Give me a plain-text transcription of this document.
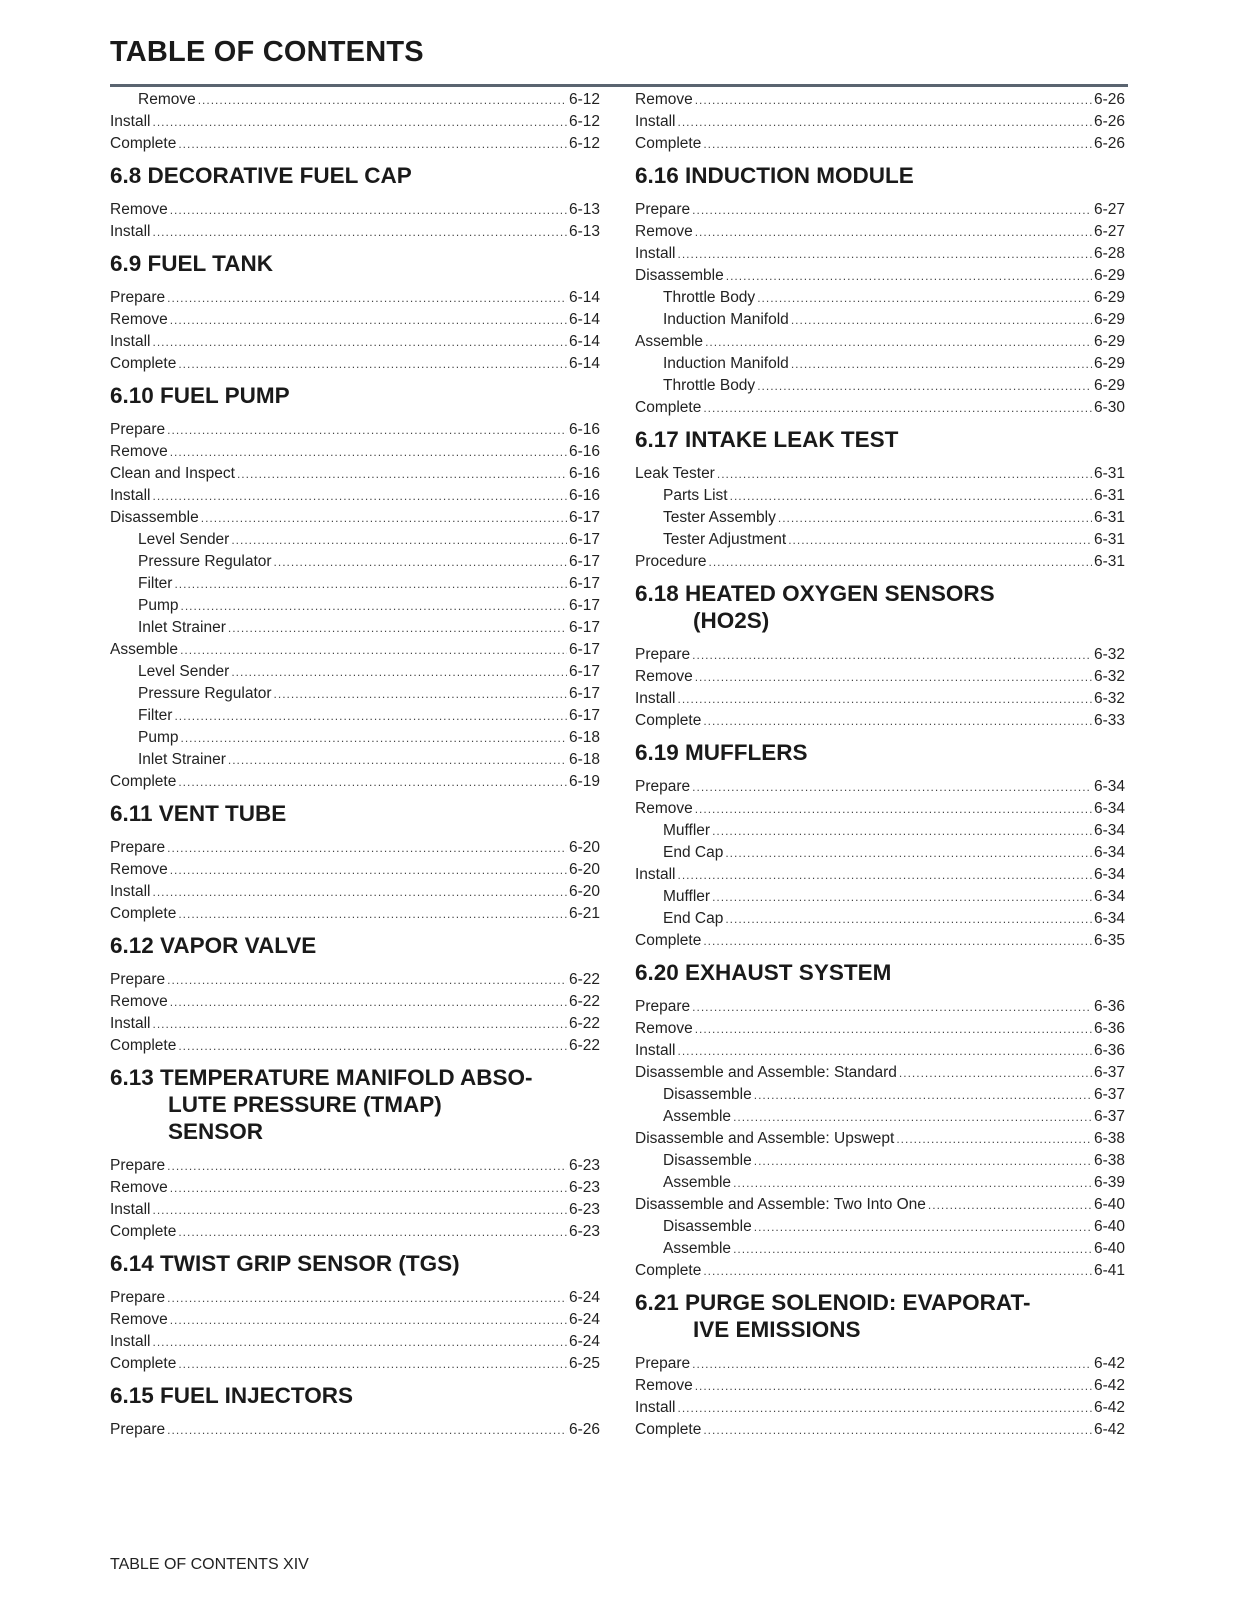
TABLE OF CONTENTS
Remove .....	6-12
Install .....	6-12
Complete .....	6-12
6.8 DECORATIVE FUEL CAP
Remove .....	6-13
Install .....	6-13
6.9 FUEL TANK
Prepare .....	6-14
Remove .....	6-14
Install .....	6-14
Complete .....	6-14
6.10 FUEL PUMP
Prepare .....	6-16
Remove .....	6-16
Clean and Inspect .....	6-16
Install .....	6-16
Disassemble .....	6-17
Level Sender .....	6-17
Pressure Regulator .....	6-17
Filter .....	6-17
Pump .....	6-17
Inlet Strainer .....	6-17
Assemble .....	6-17
Level Sender .....	6-17
Pressure Regulator .....	6-17
Filter .....	6-17
Pump .....	6-18
Inlet Strainer .....	6-18
Complete .....	6-19
6.11 VENT TUBE
Prepare .....	6-20
Remove .....	6-20
Install .....	6-20
Complete .....	6-21
6.12 VAPOR VALVE
Prepare .....	6-22
Remove .....	6-22
Install .....	6-22
Complete .....	6-22
6.13 TEMPERATURE MANIFOLD ABSO-
LUTE PRESSURE (TMAP)
SENSOR
Prepare .....	6-23
Remove .....	6-23
Install .....	6-23
Complete .....	6-23
6.14 TWIST GRIP SENSOR (TGS)
Prepare .....	6-24
Remove .....	6-24
Install .....	6-24
Complete .....	6-25
6.15 FUEL INJECTORS
Prepare .....	6-26
Remove .....	6-26
Install .....	6-26
Complete .....	6-26
6.16 INDUCTION MODULE
Prepare .....	6-27
Remove .....	6-27
Install .....	6-28
Disassemble .....	6-29
Throttle Body .....	6-29
Induction Manifold .....	6-29
Assemble .....	6-29
Induction Manifold .....	6-29
Throttle Body .....	6-29
Complete .....	6-30
6.17 INTAKE LEAK TEST
Leak Tester .....	6-31
Parts List .....	6-31
Tester Assembly .....	6-31
Tester Adjustment .....	6-31
Procedure .....	6-31
6.18 HEATED OXYGEN SENSORS
(HO2S)
Prepare .....	6-32
Remove .....	6-32
Install .....	6-32
Complete .....	6-33
6.19 MUFFLERS
Prepare .....	6-34
Remove .....	6-34
Muffler .....	6-34
End Cap .....	6-34
Install .....	6-34
Muffler .....	6-34
End Cap .....	6-34
Complete .....	6-35
6.20 EXHAUST SYSTEM
Prepare .....	6-36
Remove .....	6-36
Install .....	6-36
Disassemble and Assemble: Standard .....	6-37
Disassemble .....	6-37
Assemble .....	6-37
Disassemble and Assemble: Upswept .....	6-38
Disassemble .....	6-38
Assemble .....	6-39
Disassemble and Assemble: Two Into One .....	6-40
Disassemble .....	6-40
Assemble .....	6-40
Complete .....	6-41
6.21 PURGE SOLENOID: EVAPORAT-
IVE EMISSIONS
Prepare .....	6-42
Remove .....	6-42
Install .....	6-42
Complete .....	6-42
TABLE OF CONTENTS XIV
